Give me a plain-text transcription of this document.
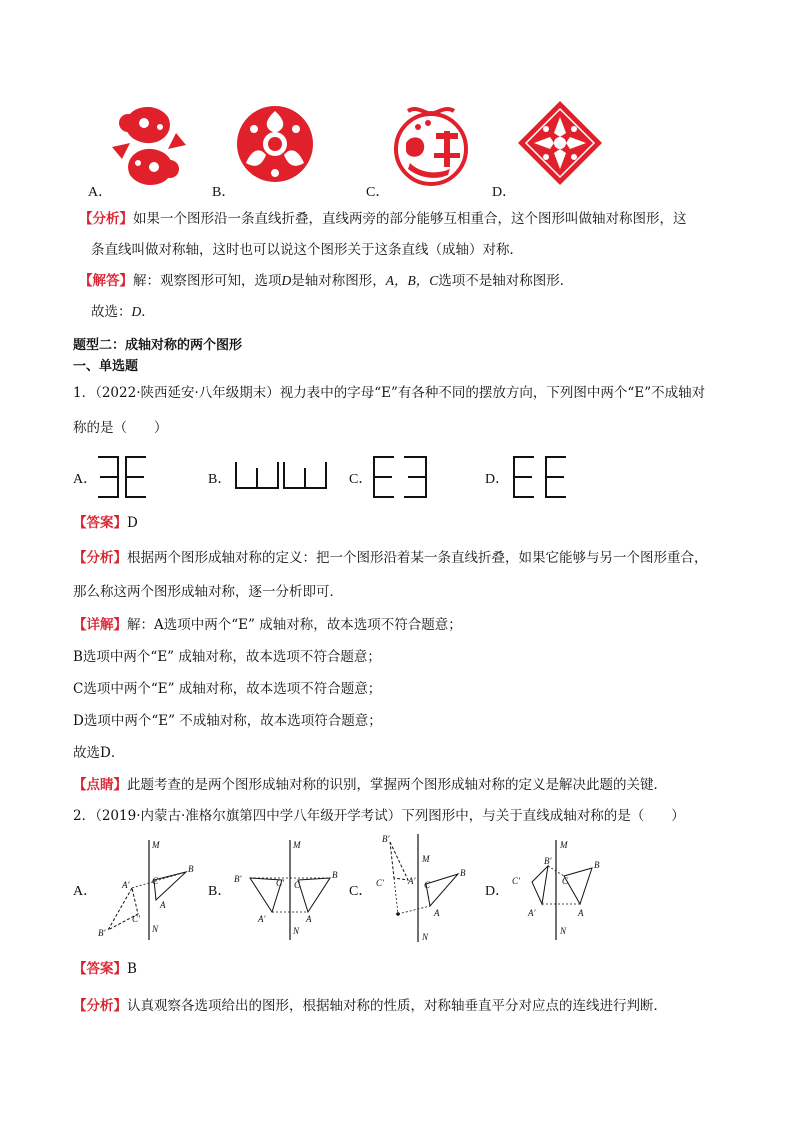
A．	B．	C．	D．
【分析】如果一个图形沿一条直线折叠，直线两旁的部分能够互相重合，这个图形叫做轴对称图形，这
条直线叫做对称轴，这时也可以说这个图形关于这条直线（成轴）对称．
【解答】解：观察图形可知，选项D是轴对称图形，A，B，C选项不是轴对称图形．
故选：D．
题型二：成轴对称的两个图形
一、单选题
1．（2022·陕西延安·八年级期末）视力表中的字母“E”有各种不同的摆放方向，下列图中两个“E”不成轴对
称的是（　　）
A．	B．	C．	D．
【答案】D
【分析】根据两个图形成轴对称的定义：把一个图形沿着某一条直线折叠，如果它能够与另一个图形重合，
那么称这两个图形成轴对称，逐一分析即可．
【详解】解：A选项中两个“E” 成轴对称，故本选项不符合题意；
B选项中两个“E” 成轴对称，故本选项不符合题意；
C选项中两个“E” 成轴对称，故本选项不符合题意；
D选项中两个“E” 不成轴对称，故本选项符合题意；
故选D．
【点睛】此题考查的是两个图形成轴对称的识别，掌握两个图形成轴对称的定义是解决此题的关键．
2．（2019·内蒙古·准格尔旗第四中学八年级开学考试）下列图形中，与关于直线成轴对称的是（　　）
A．
M
N
B
C
A
A'
B'
C'
B．
M
N
B
C
A
B'	C'
A'
C．
M
N
B
C
A
B'
C'	A'
D．
M
N
B
C
A
B'
C'
A'
【答案】B
【分析】认真观察各选项给出的图形，根据轴对称的性质，对称轴垂直平分对应点的连线进行判断．
